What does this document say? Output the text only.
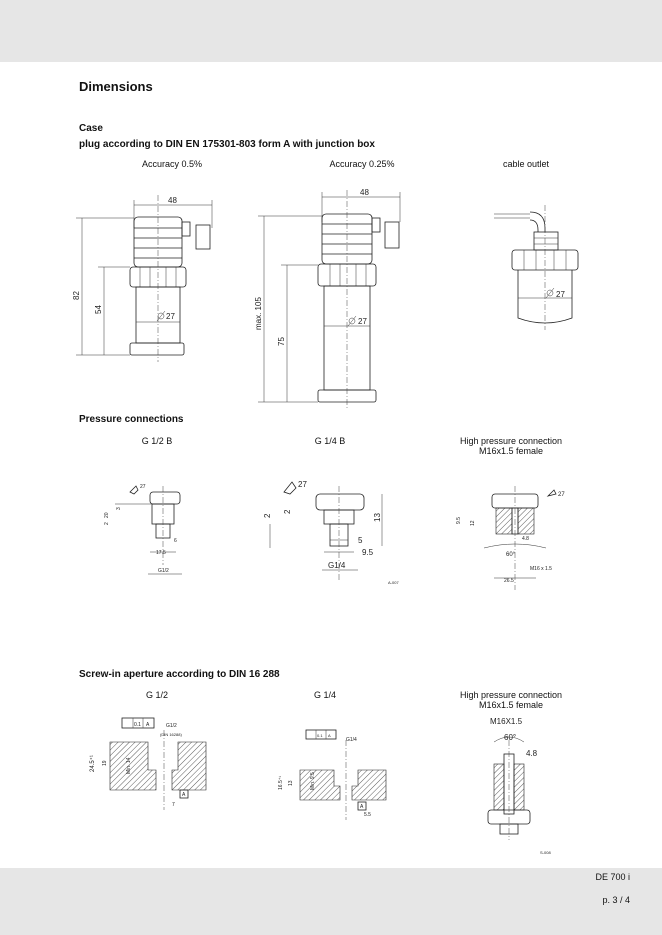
Dimensions
Case
plug according to DIN EN 175301-803 form A with junction box
Accuracy 0.5%	Accuracy 0.25%	cable outlet
48
27
82
54
48
27
max. 105
75
27
Pressure connections
G 1/2 B	G 1/4 B	High pressure connection
M16x1.5 female
27
20
3
2
17.5
6
G1/2
27
13
2
2
5
9.5
G1/4
A-007
27
9.5 12
4.8
60°
M16 x 1.5
26.5
Screw-in aperture according to DIN 16 288
G 1/2	G 1/4	High pressure connection
M16x1.5 female
0.1 A	G1/2
(DIN 16288)
24.5⁺¹ 19	Min. 14
A
7
0.1 A
G1/4
16.5⁺¹ 13	Min. 9.5
A
5.5
M16X1.5
60°
4.8
S-008
DE 700 i
p. 3 / 4
